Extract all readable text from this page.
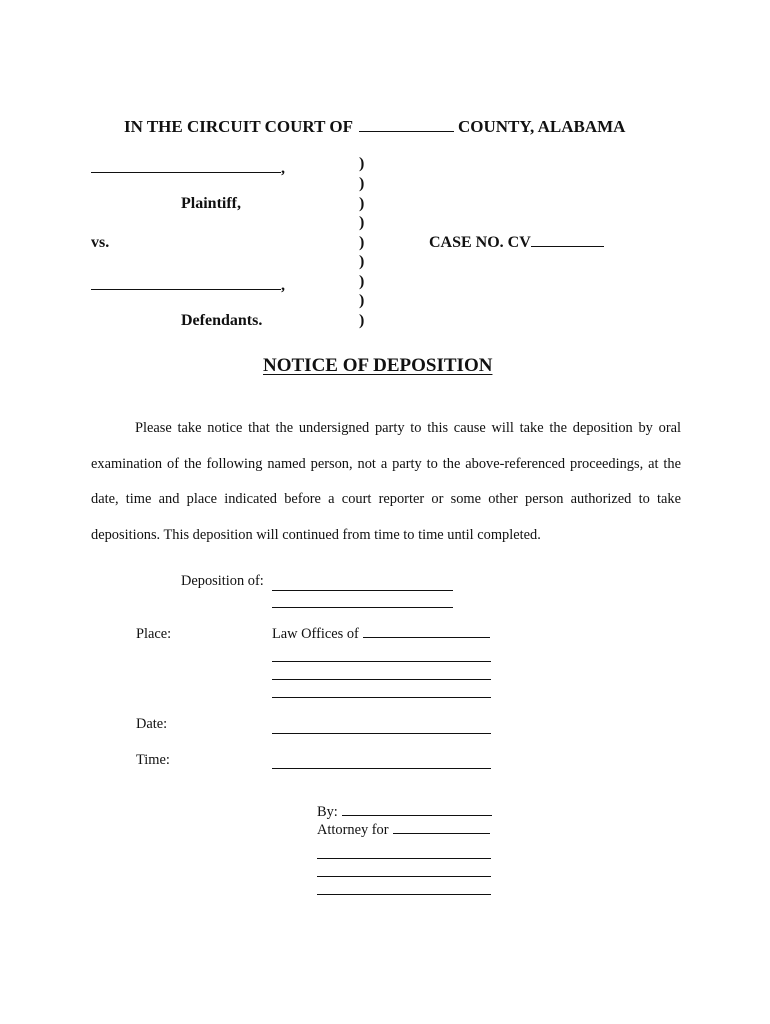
IN THE CIRCUIT COURT OF	COUNTY, ALABAMA
,
Plaintiff,
vs.
,
Defendants.
)
)
)
)
)
)
)
)
)
CASE NO. CV
NOTICE OF DEPOSITION

Please take notice that the undersigned party to this cause will take the deposition by oral examination of the following named person, not a party to the above-referenced proceedings, at the date, time and place indicated before a court reporter or some other person authorized to take depositions. This deposition will continued from time to time until completed.

Deposition of:
Place:	Law Offices of
Date:
Time:
By:
Attorney for
